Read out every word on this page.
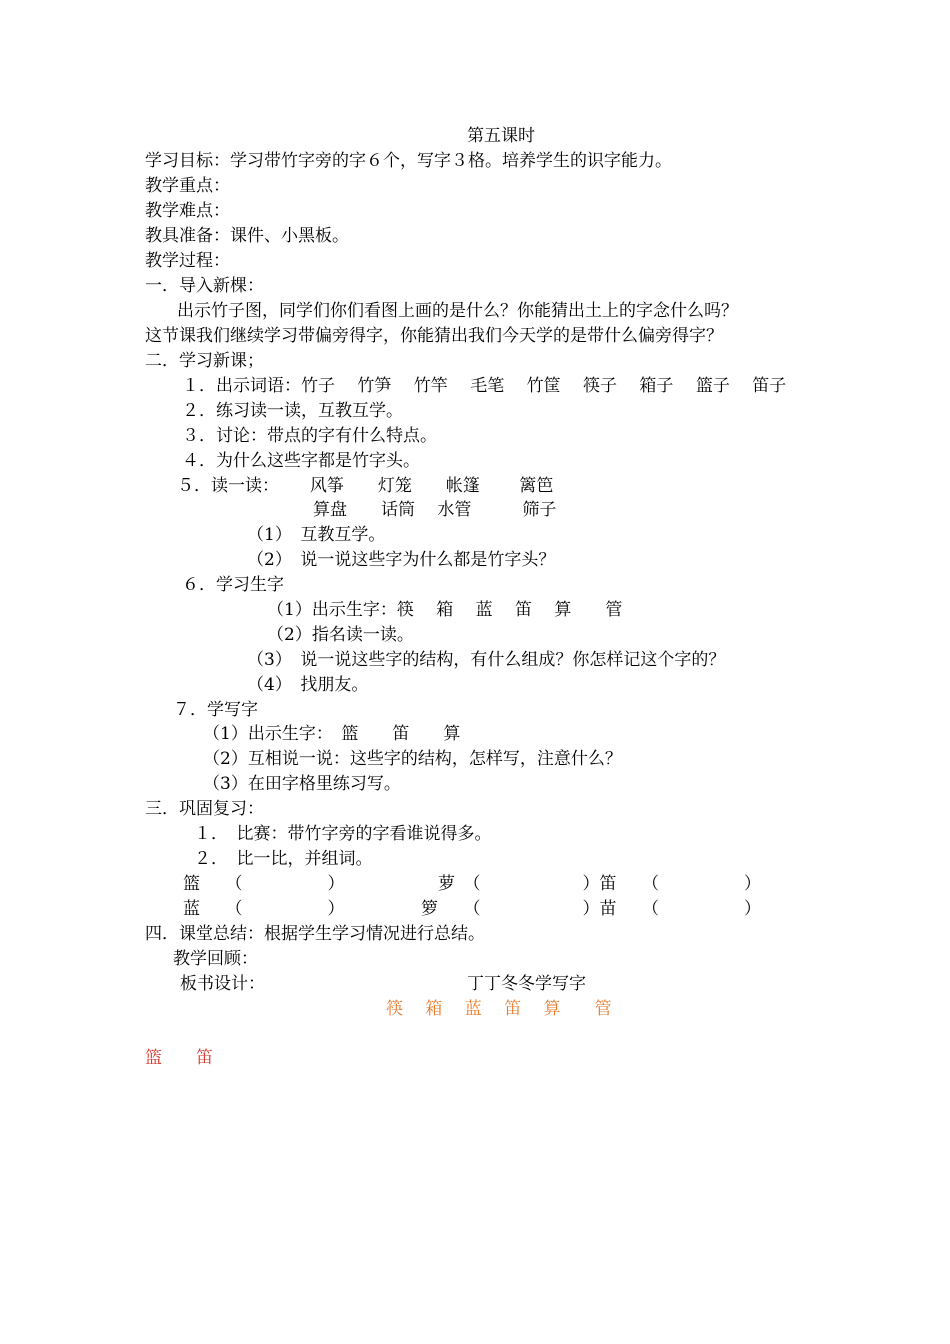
第五课时
学习目标：学习带竹字旁的字６个，写字３格。培养学生的识字能力。
教学重点：
教学难点：
教具准备：课件、小黑板。
教学过程：
一．导入新棵：
出示竹子图，同学们你们看图上画的是什么？你能猜出土上的字念什么吗？
这节课我们继续学习带偏旁得字，你能猜出我们今天学的是带什么偏旁得字？
二．学习新课；
１．出示词语：竹子　 竹笋　 竹竿　 毛笔　 竹筐　 筷子　 箱子　 篮子　 笛子
２．练习读一读，互教互学。
３．讨论：带点的字有什么特点。
４．为什么这些字都是竹字头。
５．读一读：　　 风筝　　灯笼　　帐篷　　 篱笆
算盘　　话筒　 水管　　　筛子
（1）　互教互学。
（2）　说一说这些字为什么都是竹字头？
６．学习生字
（1）出示生字：筷　 箱　 蓝　 笛　 算　　管
（2）指名读一读。
（3）　说一说这些字的结构，有什么组成？你怎样记这个字的？
（4）　找朋友。
７．学写字
（1）出示生字：　篮　　笛　　算
（2）互相说一说：这些字的结构，怎样写，注意什么？
（3）在田字格里练习写。
三．巩固复习：
１．　比赛：带竹字旁的字看谁说得多。
２．　比一比，并组词。
篮　　（　　　　　）　　　　　　萝　（　　　　　　）笛　　（　　　　　）
蓝　　（　　　　　）　　　　　箩　　（　　　　　　）苗　　（　　　　　）
四．课堂总结：根据学生学习情况进行总结。
教学回顾：
板书设计：	丁丁冬冬学写字
筷　 箱　 蓝　 笛　 算　　管
篮　　笛
